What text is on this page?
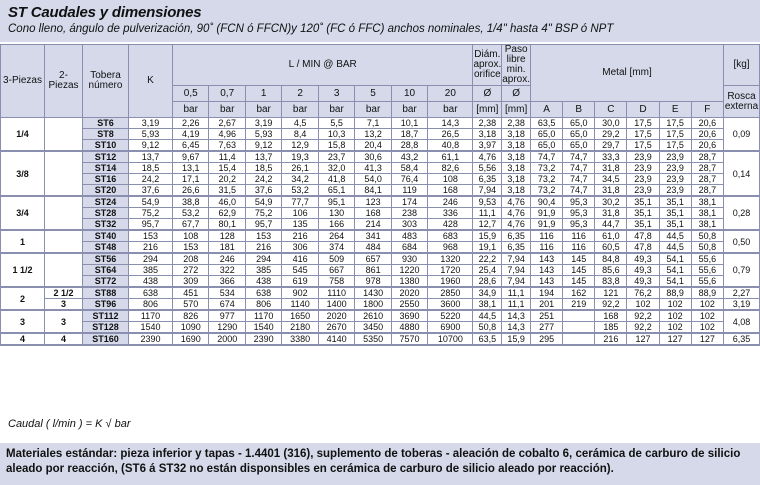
ST Caudales y dimensiones
Cono lleno, ángulo de pulverización, 90˚ (FCN ó FFCN)y 120˚ (FC ó FFC) anchos nominales, 1/4" hasta 4" BSP ó NPT
3-Piezas	2-Piezas	Tobera número	K	L / MIN @ BAR								Diám. aprox. orifice	Paso libre min. aprox.	Metal [mm]						[kg]
				0,5	0,7	1	2	3	5	10	20	Ø	Ø							Rosca externa
				bar	bar	bar	bar	bar	bar	bar	bar	[mm]	[mm]	A	B	C	D	E	F	
1/4		ST6	3,19	2,26	2,67	3,19	4,5	5,5	7,1	10,1	14,3	2,38	2,38	63,5	65,0	30,0	17,5	17,5	20,6	0,09
		ST8	5,93	4,19	4,96	5,93	8,4	10,3	13,2	18,7	26,5	3,18	3,18	65,0	65,0	29,2	17,5	17,5	20,6	
		ST10	9,12	6,45	7,63	9,12	12,9	15,8	20,4	28,8	40,8	3,97	3,18	65,0	65,0	29,7	17,5	17,5	20,6	
3/8		ST12	13,7	9,67	11,4	13,7	19,3	23,7	30,6	43,2	61,1	4,76	3,18	74,7	74,7	33,3	23,9	23,9	28,7	0,14
		ST14	18,5	13,1	15,4	18,5	26,1	32,0	41,3	58,4	82,6	5,56	3,18	73,2	74,7	31,8	23,9	23,9	28,7	
		ST16	24,2	17,1	20,2	24,2	34,2	41,8	54,0	76,4	108	6,35	3,18	73,2	74,7	34,5	23,9	23,9	28,7	
		ST20	37,6	26,6	31,5	37,6	53,2	65,1	84,1	119	168	7,94	3,18	73,2	74,7	31,8	23,9	23,9	28,7	
3/4		ST24	54,9	38,8	46,0	54,9	77,7	95,1	123	174	246	9,53	4,76	90,4	95,3	30,2	35,1	35,1	38,1	0,28
		ST28	75,2	53,2	62,9	75,2	106	130	168	238	336	11,1	4,76	91,9	95,3	31,8	35,1	35,1	38,1	
		ST32	95,7	67,7	80,1	95,7	135	166	214	303	428	12,7	4,76	91,9	95,3	44,7	35,1	35,1	38,1	
1		ST40	153	108	128	153	216	264	341	483	683	15,9	6,35	116	116	61,0	47,8	44,5	50,8	0,50
		ST48	216	153	181	216	306	374	484	684	968	19,1	6,35	116	116	60,5	47,8	44,5	50,8	
1 1/2		ST56	294	208	246	294	416	509	657	930	1320	22,2	7,94	143	145	84,8	49,3	54,1	55,6	0,79
		ST64	385	272	322	385	545	667	861	1220	1720	25,4	7,94	143	145	85,6	49,3	54,1	55,6	
		ST72	438	309	366	438	619	758	978	1380	1960	28,6	7,94	143	145	83,8	49,3	54,1	55,6	
2	2 1/2	ST88	638	451	534	638	902	1110	1430	2020	2850	34,9	11,1	194	162	121	76,2	88,9	88,9	2,27
	3	ST96	806	570	674	806	1140	1400	1800	2550	3600	38,1	11,1	201	219	92,2	102	102	102	3,19
3	3	ST112	1170	826	977	1170	1650	2020	2610	3690	5220	44,5	14,3	251		168	92,2	102	102	4,08
		ST128	1540	1090	1290	1540	2180	2670	3450	4880	6900	50,8	14,3	277		185	92,2	102	102	
4	4	ST160	2390	1690	2000	2390	3380	4140	5350	7570	10700	63,5	15,9	295		216	127	127	127	6,35
Caudal ( l/min ) = K √ bar
Materiales estándar: pieza inferior y tapas - 1.4401 (316), suplemento de toberas - aleación de cobalto 6, cerámica de carburo de silicio aleado por reacción, (ST6 á ST32 no están disponsibles en cerámica de carburo de silicio aleado por reacción).
